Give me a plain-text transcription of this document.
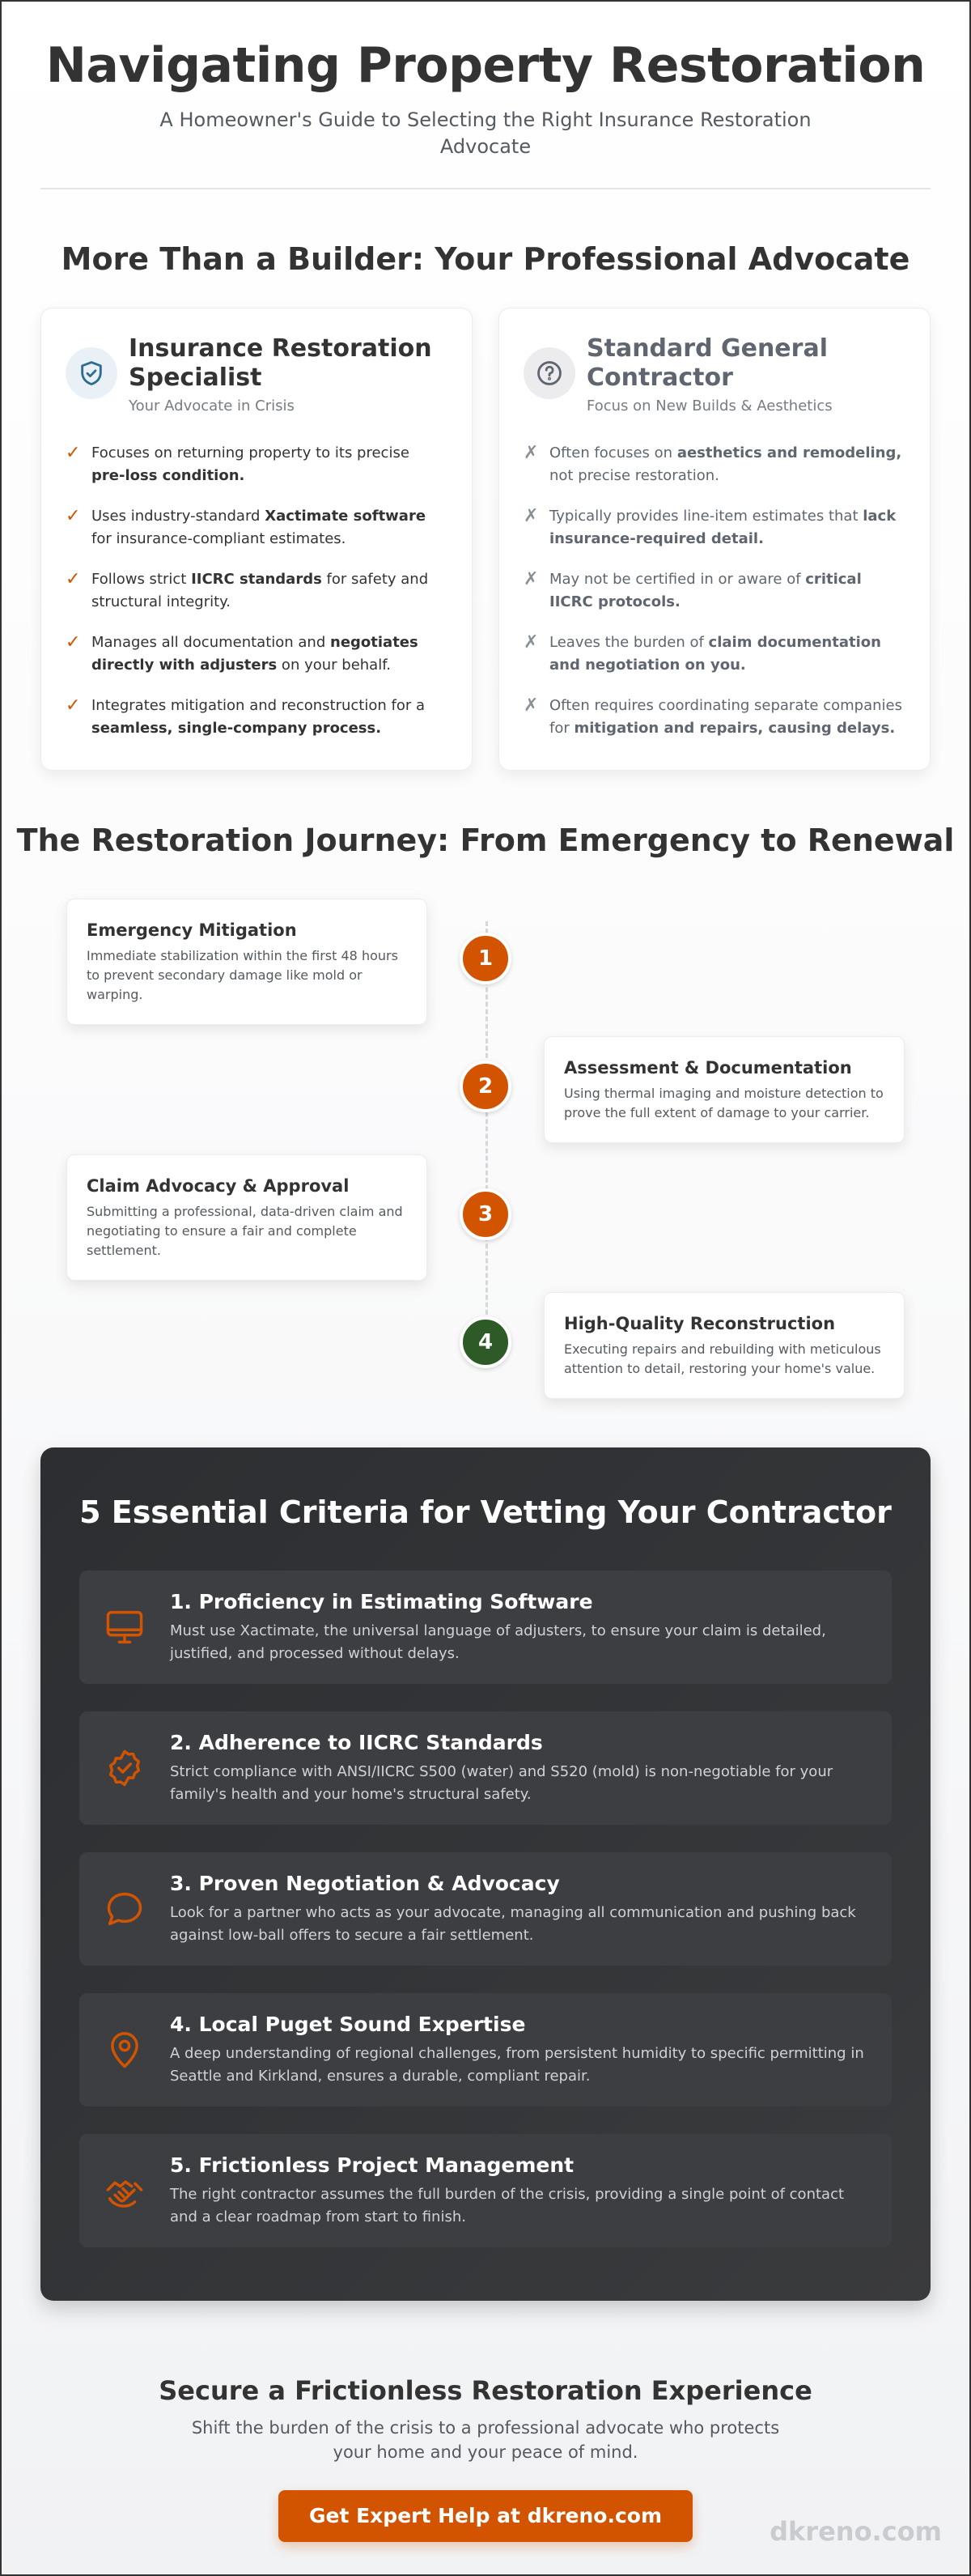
Navigating Property Restoration

A Homeowner's Guide to Selecting the Right Insurance Restoration Advocate

More Than a Builder: Your Professional Advocate
Insurance Restoration Specialist
Your Advocate in Crisis
✓ Focuses on returning property to its precise pre-loss condition.
✓ Uses industry-standard Xactimate software for insurance-compliant estimates.
✓ Follows strict IICRC standards for safety and structural integrity.
✓ Manages all documentation and negotiates directly with adjusters on your behalf.
✓ Integrates mitigation and reconstruction for a seamless, single-company process.
Standard General Contractor
Focus on New Builds & Aesthetics
✗ Often focuses on aesthetics and remodeling, not precise restoration.
✗ Typically provides line-item estimates that lack insurance-required detail.
✗ May not be certified in or aware of critical IICRC protocols.
✗ Leaves the burden of claim documentation and negotiation on you.
✗ Often requires coordinating separate companies for mitigation and repairs, causing delays.
The Restoration Journey: From Emergency to Renewal
Emergency Mitigation
Immediate stabilization within the first 48 hours to prevent secondary damage like mold or warping.
1
Assessment & Documentation
Using thermal imaging and moisture detection to prove the full extent of damage to your carrier.
2
Claim Advocacy & Approval
Submitting a professional, data-driven claim and negotiating to ensure a fair and complete settlement.
3
High-Quality Reconstruction
Executing repairs and rebuilding with meticulous attention to detail, restoring your home's value.
4
5 Essential Criteria for Vetting Your Contractor
1. Proficiency in Estimating Software
Must use Xactimate, the universal language of adjusters, to ensure your claim is detailed, justified, and processed without delays.
2. Adherence to IICRC Standards
Strict compliance with ANSI/IICRC S500 (water) and S520 (mold) is non-negotiable for your family's health and your home's structural safety.
3. Proven Negotiation & Advocacy
Look for a partner who acts as your advocate, managing all communication and pushing back against low-ball offers to secure a fair settlement.
4. Local Puget Sound Expertise
A deep understanding of regional challenges, from persistent humidity to specific permitting in Seattle and Kirkland, ensures a durable, compliant repair.
5. Frictionless Project Management
The right contractor assumes the full burden of the crisis, providing a single point of contact and a clear roadmap from start to finish.
Secure a Frictionless Restoration Experience

Shift the burden of the crisis to a professional advocate who protects your home and your peace of mind.

Get Expert Help at dkreno.com
dkreno.com
